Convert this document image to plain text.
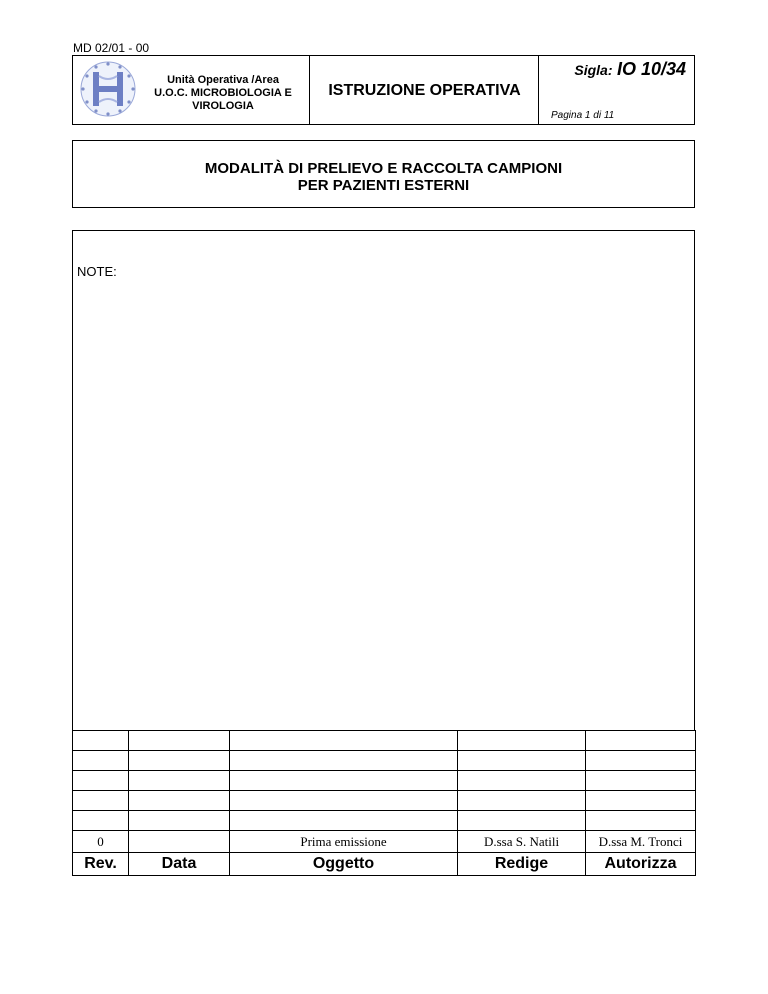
MD 02/01 - 00
Unità Operativa /Area
U.O.C. MICROBIOLOGIA E
VIROLOGIA
ISTRUZIONE OPERATIVA
Sigla: IO 10/34
Pagina 1 di 11
MODALITÀ DI PRELIEVO E RACCOLTA CAMPIONI
PER PAZIENTI ESTERNI
NOTE:

0		Prima emissione	D.ssa S. Natili	D.ssa M. Tronci
Rev.	Data	Oggetto	Redige	Autorizza
